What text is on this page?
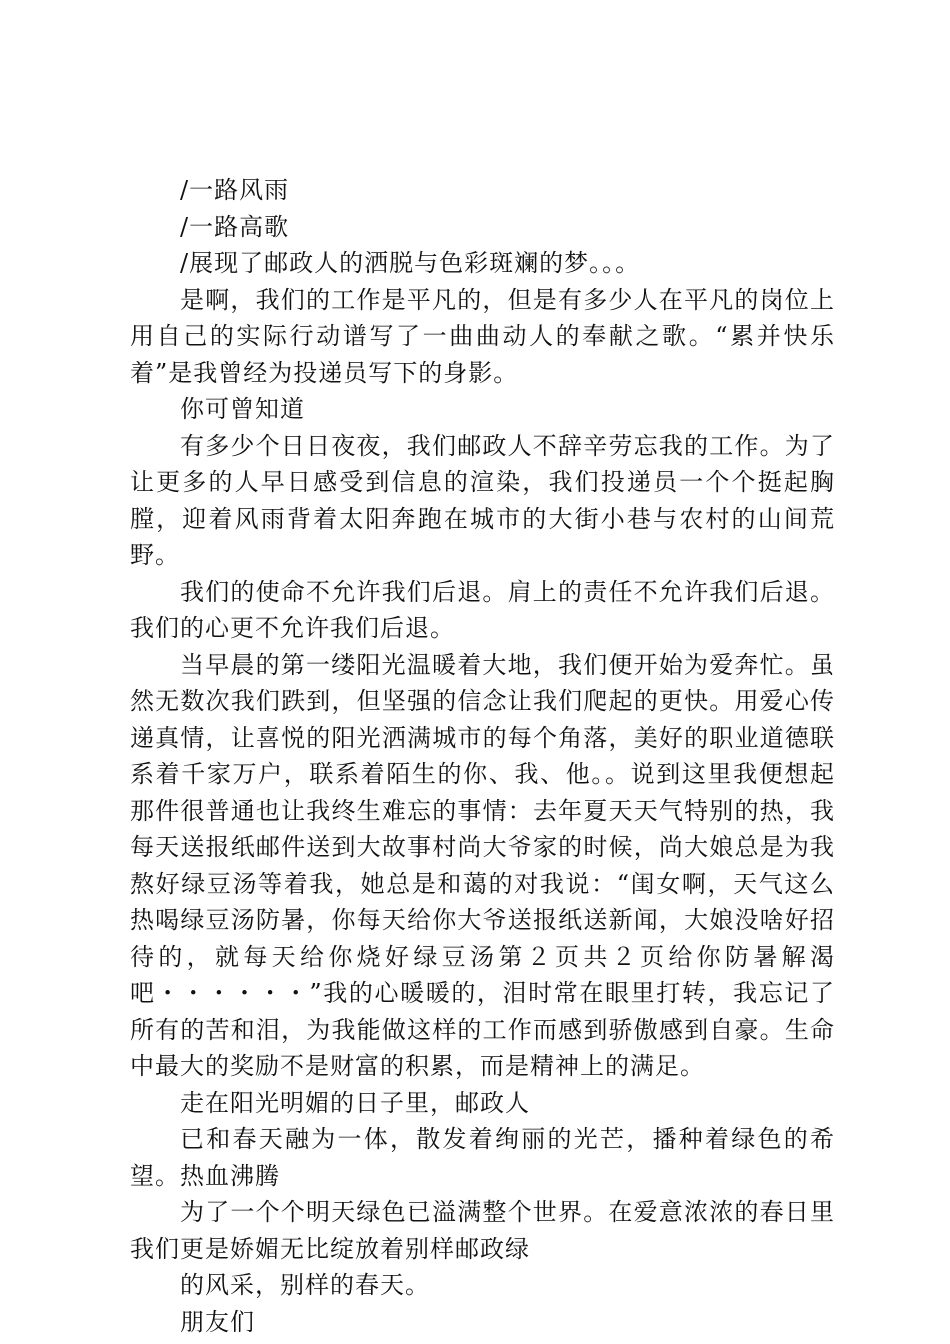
/一路风雨

/一路高歌

/展现了邮政人的洒脱与色彩斑斓的梦。。。

是啊，我们的工作是平凡的，但是有多少人在平凡的岗位上用自己的实际行动谱写了一曲曲动人的奉献之歌。“累并快乐着”是我曾经为投递员写下的身影。

你可曾知道

有多少个日日夜夜，我们邮政人不辞辛劳忘我的工作。为了让更多的人早日感受到信息的渲染，我们投递员一个个挺起胸膛，迎着风雨背着太阳奔跑在城市的大街小巷与农村的山间荒野。

我们的使命不允许我们后退。肩上的责任不允许我们后退。我们的心更不允许我们后退。

当早晨的第一缕阳光温暖着大地，我们便开始为爱奔忙。虽然无数次我们跌到，但坚强的信念让我们爬起的更快。用爱心传递真情，让喜悦的阳光洒满城市的每个角落，美好的职业道德联系着千家万户，联系着陌生的你、我、他。。说到这里我便想起那件很普通也让我终生难忘的事情：去年夏天天气特别的热，我每天送报纸邮件送到大故事村尚大爷家的时候，尚大娘总是为我熬好绿豆汤等着我，她总是和蔼的对我说：“闺女啊，天气这么热喝绿豆汤防暑，你每天给你大爷送报纸送新闻，大娘没啥好招待的，就每天给你烧好绿豆汤第２页共２页给你防暑解渴吧・・・・・・”我的心暖暖的，泪时常在眼里打转，我忘记了所有的苦和泪，为我能做这样的工作而感到骄傲感到自豪。生命中最大的奖励不是财富的积累，而是精神上的满足。

走在阳光明媚的日子里，邮政人

已和春天融为一体，散发着绚丽的光芒，播种着绿色的希望。热血沸腾

为了一个个明天绿色已溢满整个世界。在爱意浓浓的春日里我们更是娇媚无比绽放着别样邮政绿

的风采，别样的春天。

朋友们
